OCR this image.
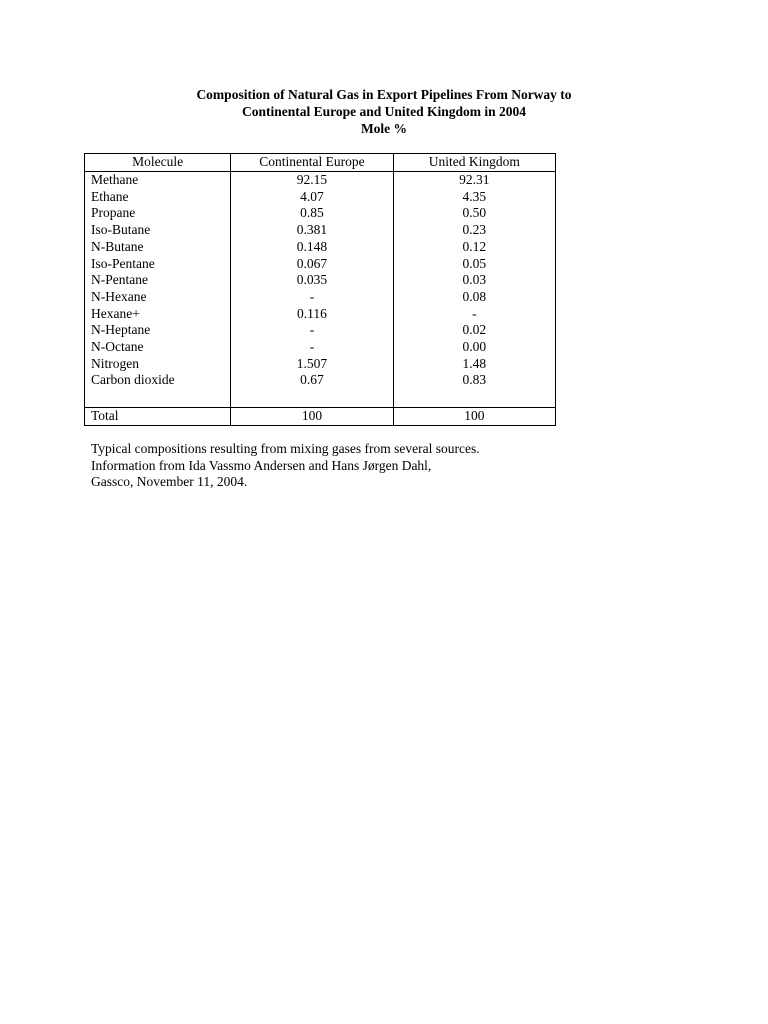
Composition of Natural Gas in Export Pipelines From Norway to
Continental Europe and United Kingdom in 2004
Mole %
Molecule	Continental Europe	United Kingdom
Methane	92.15	92.31
Ethane	4.07	4.35
Propane	0.85	0.50
Iso-Butane	0.381	0.23
N-Butane	0.148	0.12
Iso-Pentane	0.067	0.05
N-Pentane	0.035	0.03
N-Hexane	-	0.08
Hexane+	0.116	-
N-Heptane	-	0.02
N-Octane	-	0.00
Nitrogen	1.507	1.48
Carbon dioxide	0.67	0.83

Total	100	100
Typical compositions resulting from mixing gases from several sources.
Information from Ida Vassmo Andersen and Hans Jørgen Dahl,
Gassco, November 11, 2004.
